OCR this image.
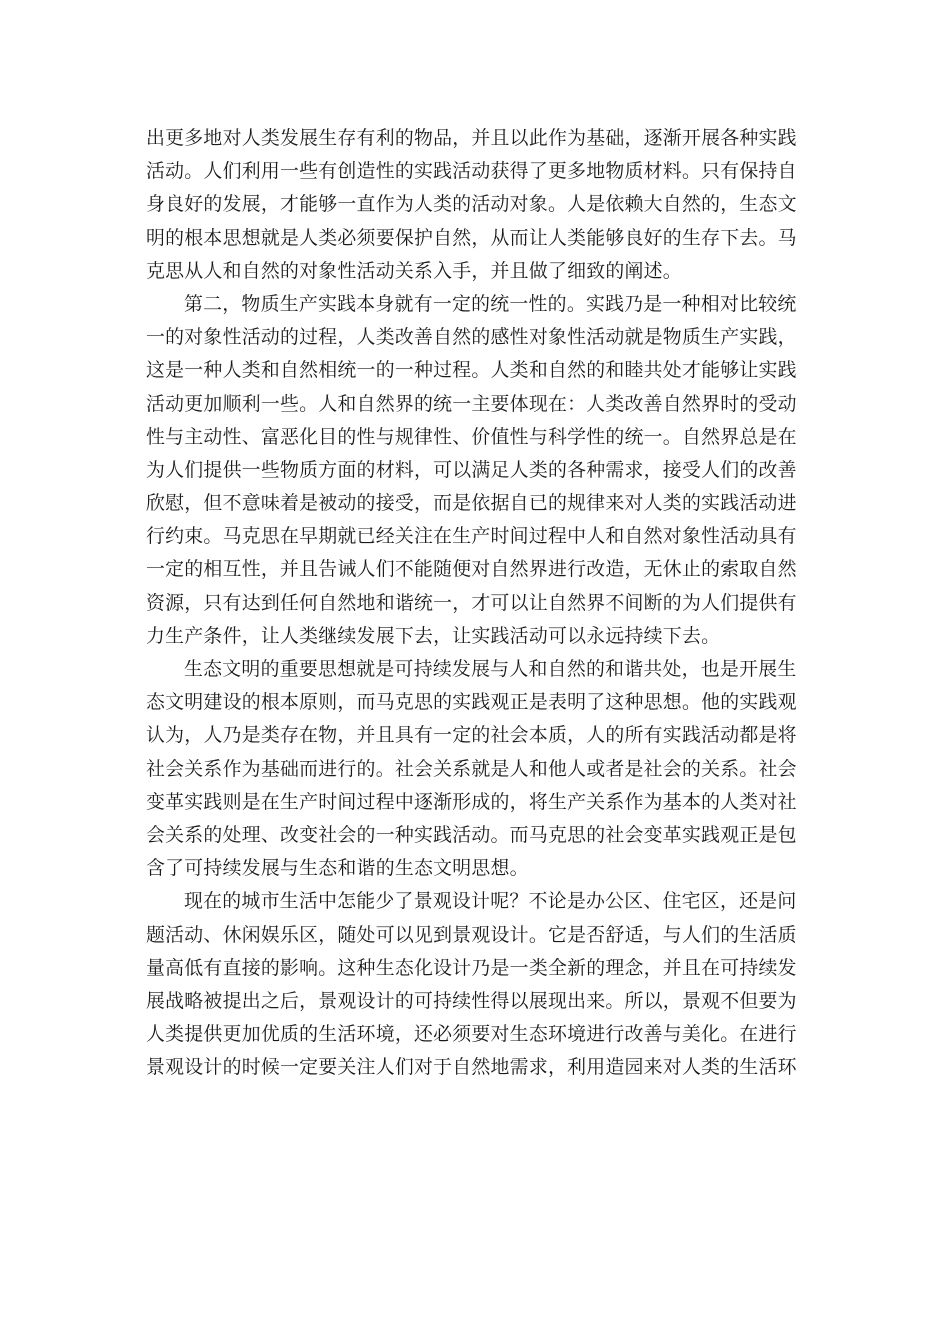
出更多地对人类发展生存有利的物品，并且以此作为基础，逐渐开展各种实践
活动。人们利用一些有创造性的实践活动获得了更多地物质材料。只有保持自
身良好的发展，才能够一直作为人类的活动对象。人是依赖大自然的，生态文
明的根本思想就是人类必须要保护自然，从而让人类能够良好的生存下去。马
克思从人和自然的对象性活动关系入手，并且做了细致的阐述。
第二，物质生产实践本身就有一定的统一性的。实践乃是一种相对比较统
一的对象性活动的过程，人类改善自然的感性对象性活动就是物质生产实践，
这是一种人类和自然相统一的一种过程。人类和自然的和睦共处才能够让实践
活动更加顺利一些。人和自然界的统一主要体现在：人类改善自然界时的受动
性与主动性、富恶化目的性与规律性、价值性与科学性的统一。自然界总是在
为人们提供一些物质方面的材料，可以满足人类的各种需求，接受人们的改善
欣慰，但不意味着是被动的接受，而是依据自已的规律来对人类的实践活动进
行约束。马克思在早期就已经关注在生产时间过程中人和自然对象性活动具有
一定的相互性，并且告诫人们不能随便对自然界进行改造，无休止的索取自然
资源，只有达到任何自然地和谐统一，才可以让自然界不间断的为人们提供有
力生产条件，让人类继续发展下去，让实践活动可以永远持续下去。
生态文明的重要思想就是可持续发展与人和自然的和谐共处，也是开展生
态文明建设的根本原则，而马克思的实践观正是表明了这种思想。他的实践观
认为，人乃是类存在物，并且具有一定的社会本质，人的所有实践活动都是将
社会关系作为基础而进行的。社会关系就是人和他人或者是社会的关系。社会
变革实践则是在生产时间过程中逐渐形成的，将生产关系作为基本的人类对社
会关系的处理、改变社会的一种实践活动。而马克思的社会变革实践观正是包
含了可持续发展与生态和谐的生态文明思想。
现在的城市生活中怎能少了景观设计呢？不论是办公区、住宅区，还是问
题活动、休闲娱乐区，随处可以见到景观设计。它是否舒适，与人们的生活质
量高低有直接的影响。这种生态化设计乃是一类全新的理念，并且在可持续发
展战略被提出之后，景观设计的可持续性得以展现出来。所以，景观不但要为
人类提供更加优质的生活环境，还必须要对生态环境进行改善与美化。在进行
景观设计的时候一定要关注人们对于自然地需求，利用造园来对人类的生活环
